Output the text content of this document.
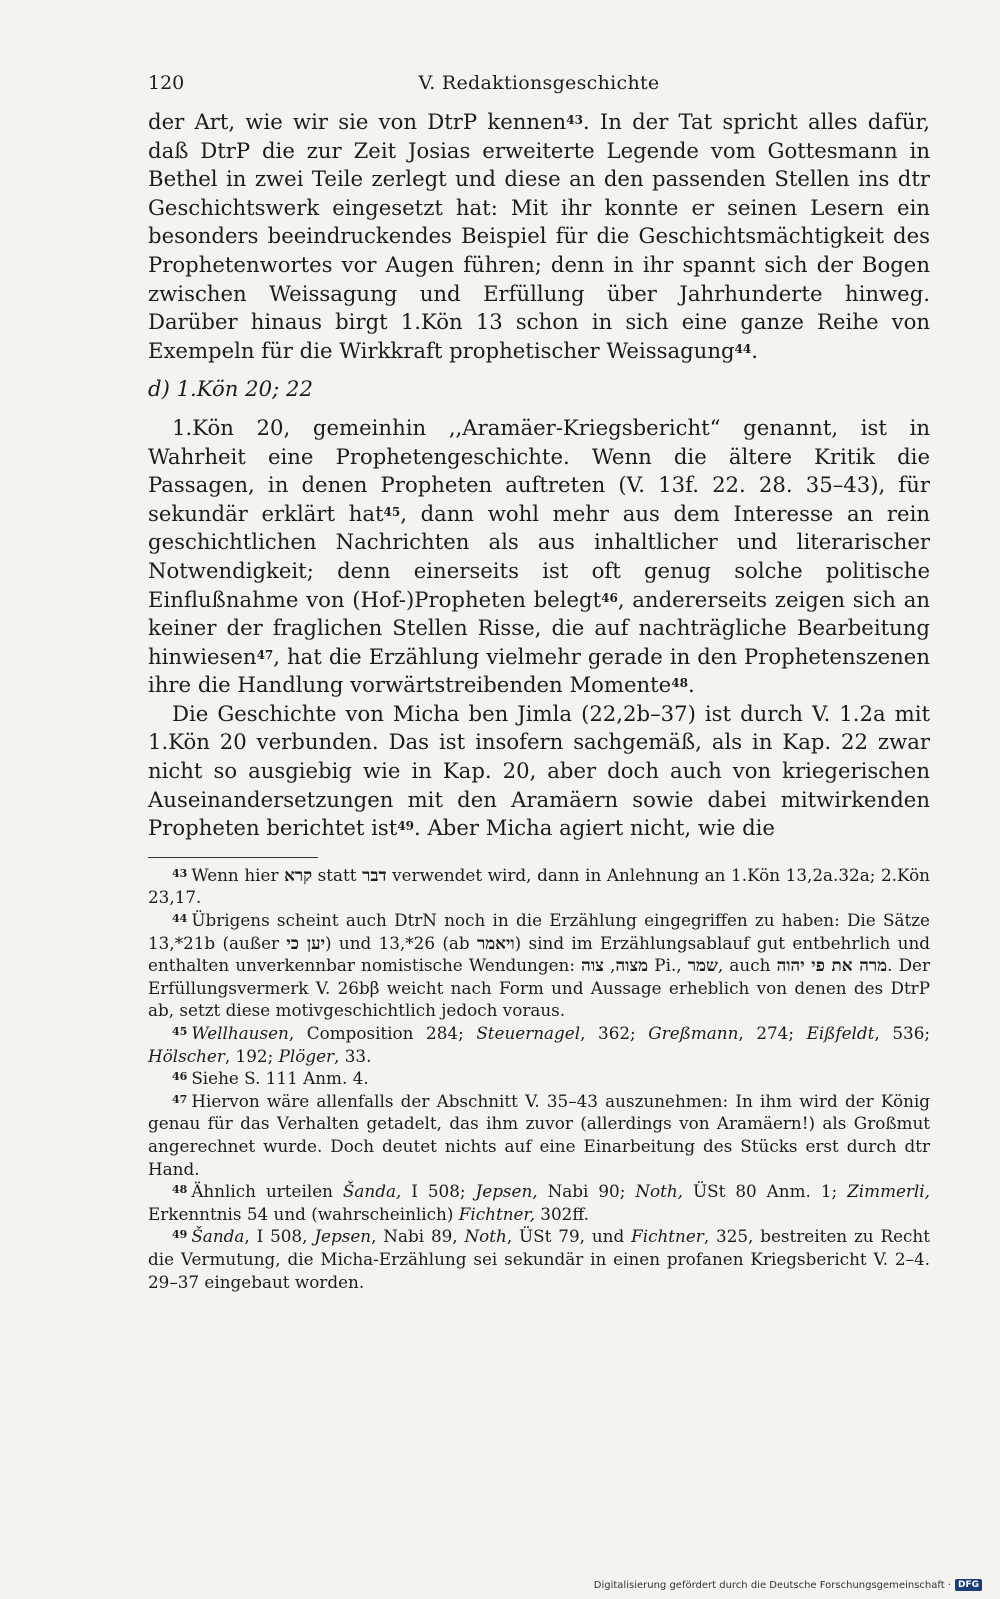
120	V. Redaktionsgeschichte

der Art, wie wir sie von DtrP kennen$^{43}$. In der Tat spricht alles dafür, daß DtrP die zur Zeit Josias erweiterte Legende vom Gottesmann in Bethel in zwei Teile zerlegt und diese an den passenden Stellen ins dtr Geschichtswerk eingesetzt hat: Mit ihr konnte er seinen Lesern ein besonders beeindruckendes Beispiel für die Geschichtsmächtigkeit des Prophetenwortes vor Augen führen; denn in ihr spannt sich der Bogen zwischen Weissagung und Erfüllung über Jahrhunderte hinweg. Darüber hinaus birgt 1.Kön 13 schon in sich eine ganze Reihe von Exempeln für die Wirkkraft prophetischer Weissagung$^{44}$.

d) 1.Kön 20; 22

1.Kön 20, gemeinhin ,,Aramäer-Kriegsbericht“ genannt, ist in Wahrheit eine Prophetengeschichte. Wenn die ältere Kritik die Passagen, in denen Propheten auftreten (V. 13f. 22. 28. 35–43), für sekundär erklärt hat$^{45}$, dann wohl mehr aus dem Interesse an rein geschichtlichen Nachrichten als aus inhaltlicher und literarischer Notwendigkeit; denn einerseits ist oft genug solche politische Einflußnahme von (Hof-)Propheten belegt$^{46}$, andererseits zeigen sich an keiner der fraglichen Stellen Risse, die auf nachträgliche Bearbeitung hinwiesen$^{47}$, hat die Erzählung vielmehr gerade in den Prophetenszenen ihre die Handlung vorwärtstreibenden Momente$^{48}$.

Die Geschichte von Micha ben Jimla (22,2b–37) ist durch V. 1.2a mit 1.Kön 20 verbunden. Das ist insofern sachgemäß, als in Kap. 22 zwar nicht so ausgiebig wie in Kap. 20, aber doch auch von kriegerischen Auseinandersetzungen mit den Aramäern sowie dabei mitwirkenden Propheten berichtet ist$^{49}$. Aber Micha agiert nicht, wie die

$^{43}$ Wenn hier קרא statt דבר verwendet wird, dann in Anlehnung an 1.Kön 13,2a.32a; 2.Kön 23,17.

$^{44}$ Übrigens scheint auch DtrN noch in die Erzählung eingegriffen zu haben: Die Sätze 13,*21b (außer יען כי) und 13,*26 (ab ויאמר) sind im Erzählungsablauf gut entbehrlich und enthalten unverkennbar nomistische Wendungen: מצוה, צוה	Pi., שמר, auch מרה את פי יהוה. Der Erfüllungsvermerk V. 26bβ weicht nach Form und Aussage erheblich von denen des DtrP ab, setzt diese motivgeschichtlich jedoch voraus.

$^{45}$ Wellhausen, Composition 284; Steuernagel, 362; Greßmann, 274; Eißfeldt, 536; Hölscher, 192; Plöger, 33.

$^{46}$ Siehe S. 111 Anm. 4.

$^{47}$ Hiervon wäre allenfalls der Abschnitt V. 35–43 auszunehmen: In ihm wird der König genau für das Verhalten getadelt, das ihm zuvor (allerdings von Aramäern!) als Großmut angerechnet wurde. Doch deutet nichts auf eine Einarbeitung des Stücks erst durch dtr Hand.

$^{48}$ Ähnlich urteilen Šanda, I 508; Jepsen, Nabi 90; Noth, ÜSt 80 Anm. 1; Zimmerli, Erkenntnis 54 und (wahrscheinlich) Fichtner, 302ff.

$^{49}$ Šanda, I 508, Jepsen, Nabi 89, Noth, ÜSt 79, und Fichtner, 325, bestreiten zu Recht die Vermutung, die Micha-Erzählung sei sekundär in einen profanen Kriegsbericht V. 2–4. 29–37 eingebaut worden.

Digitalisierung gefördert durch die Deutsche Forschungsgemeinschaft · DFG
